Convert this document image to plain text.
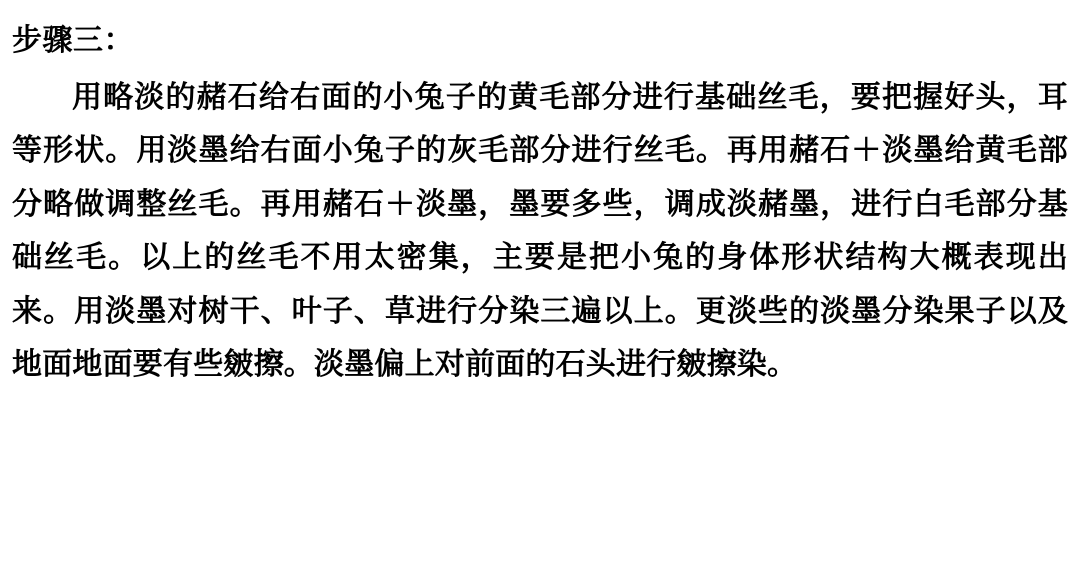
步骤三：

用略淡的赭石给右面的小兔子的黄毛部分进行基础丝毛，要把握好头，耳等形状。用淡墨给右面小兔子的灰毛部分进行丝毛。再用赭石＋淡墨给黄毛部分略做调整丝毛。再用赭石＋淡墨，墨要多些，调成淡赭墨，进行白毛部分基础丝毛。以上的丝毛不用太密集，主要是把小兔的身体形状结构大概表现出来。用淡墨对树干、叶子、草进行分染三遍以上。更淡些的淡墨分染果子以及地面地面要有些皴擦。淡墨偏上对前面的石头进行皴擦染。
